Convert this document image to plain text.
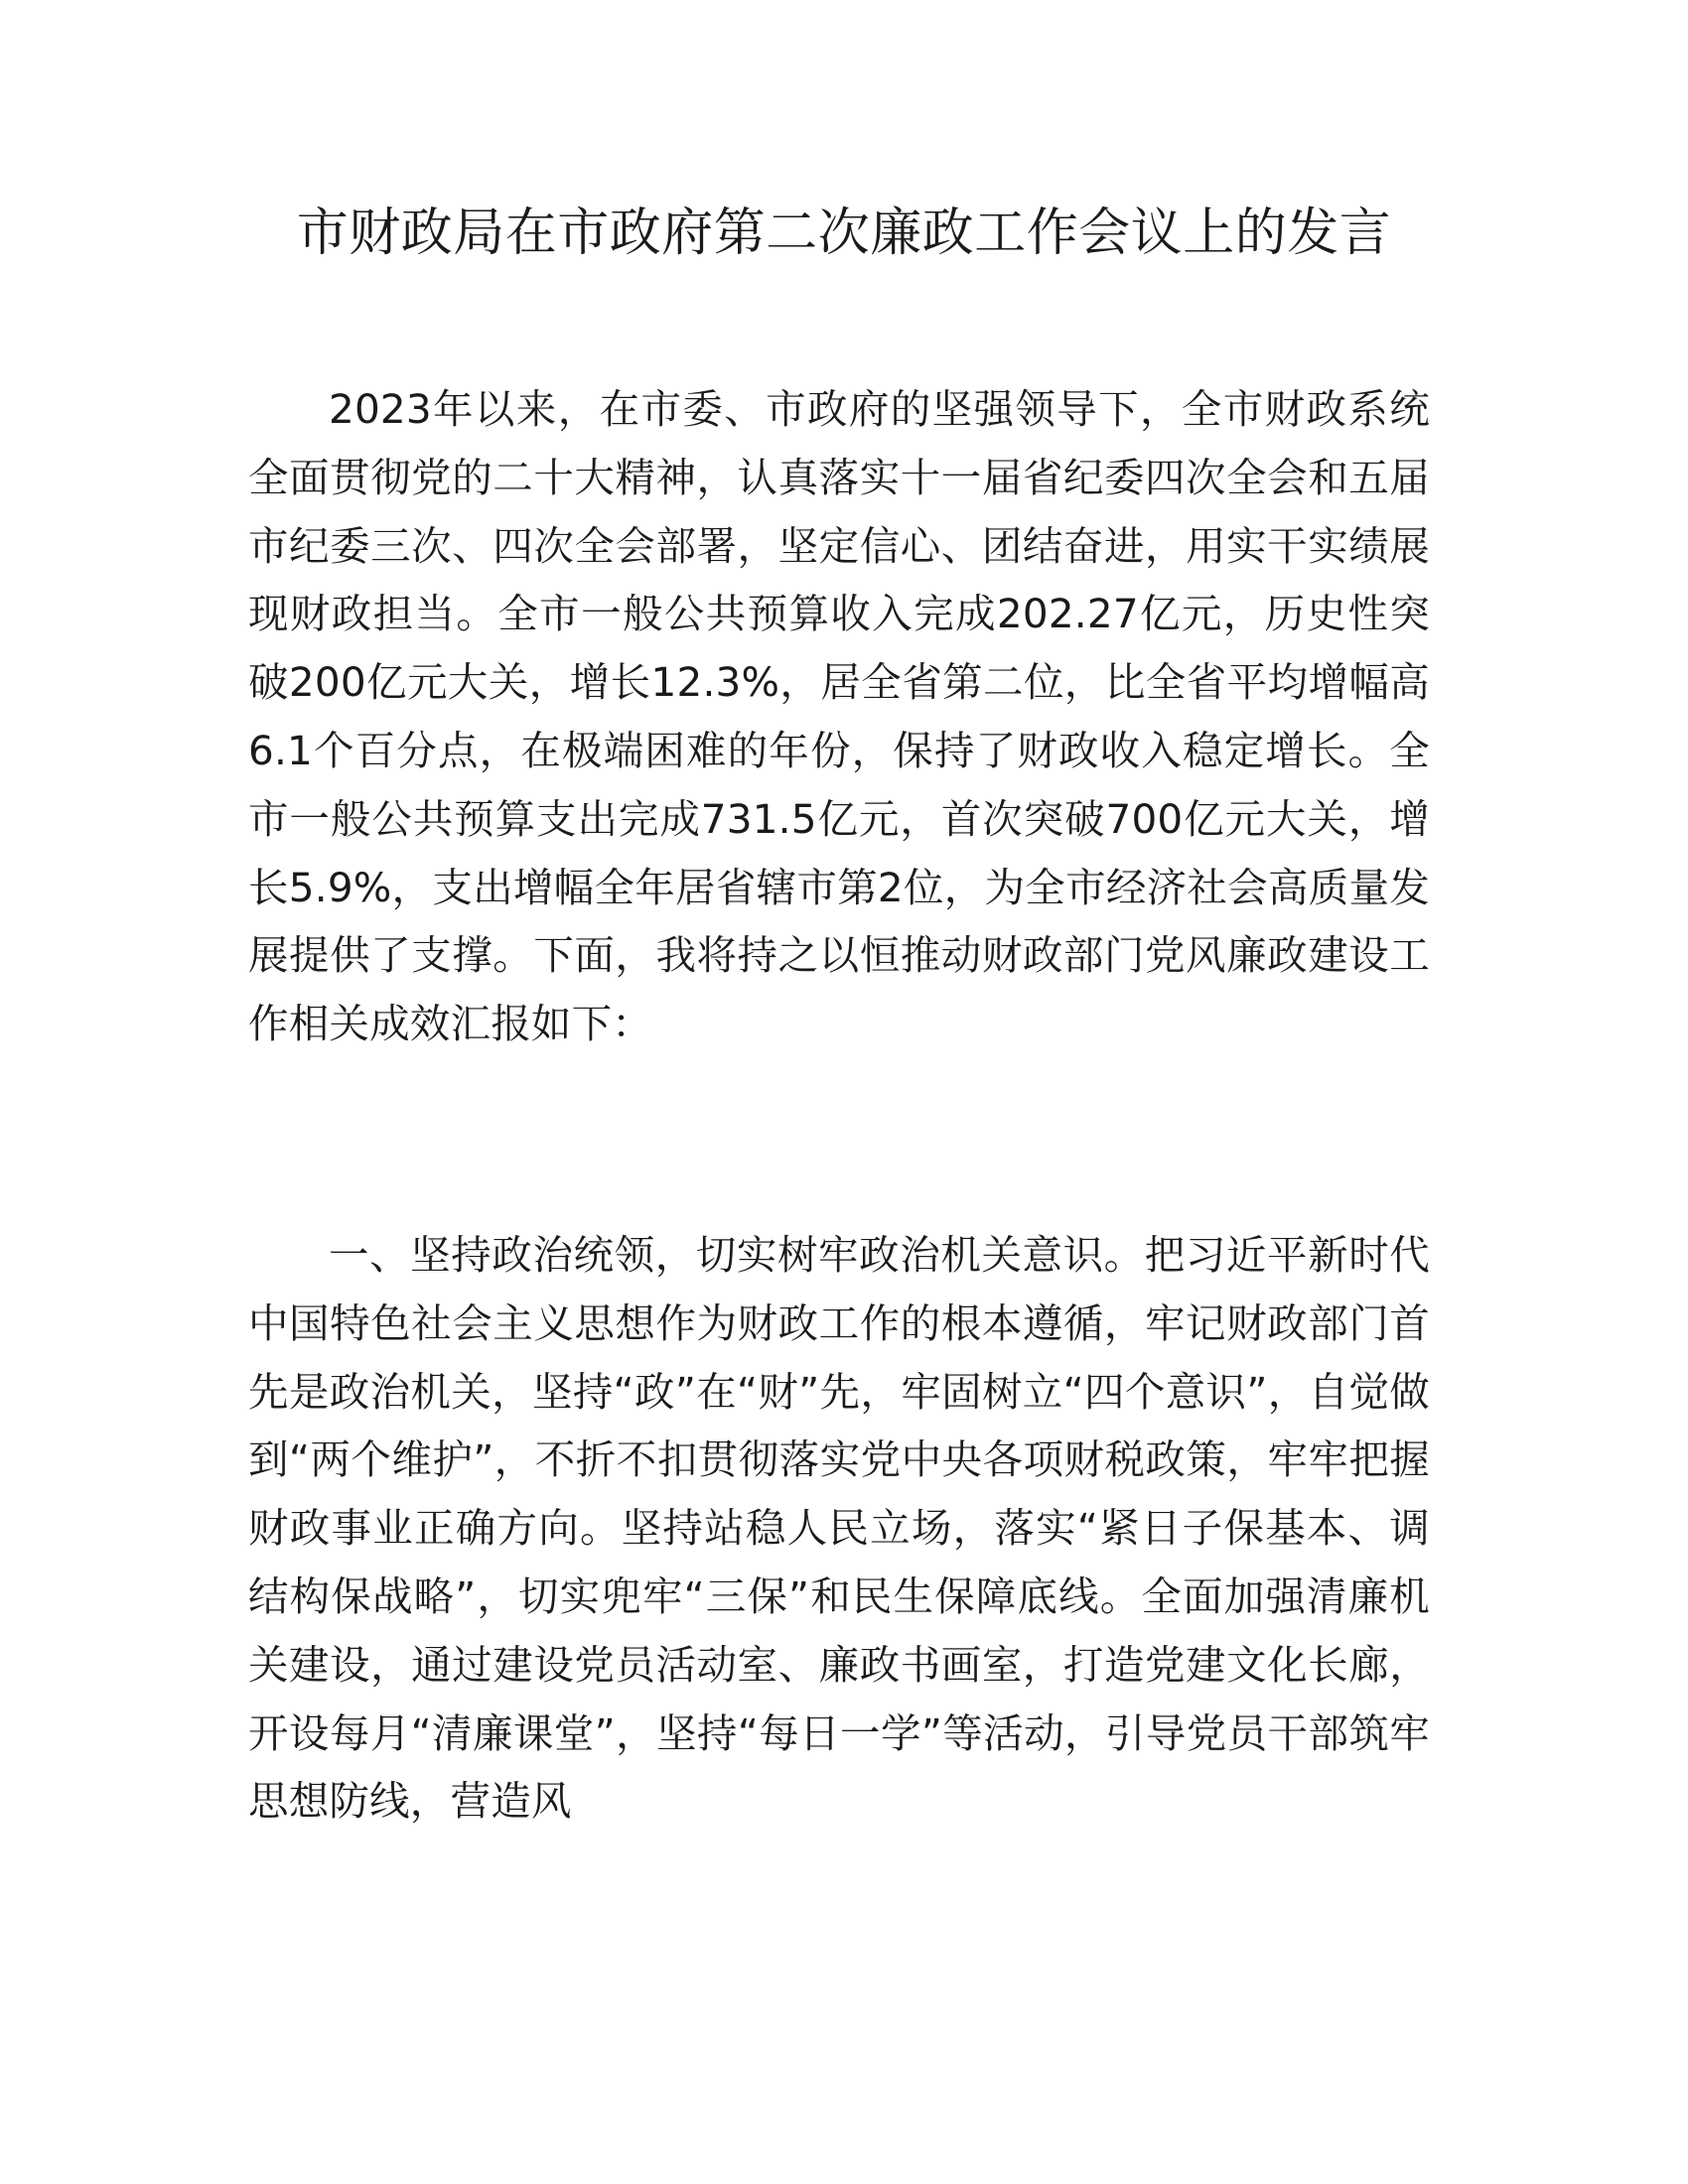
市财政局在市政府第二次廉政工作会议上的发言

2023年以来，在市委、市政府的坚强领导下，全市财政系统全面贯彻党的二十大精神，认真落实十一届省纪委四次全会和五届市纪委三次、四次全会部署，坚定信心、团结奋进，用实干实绩展现财政担当。全市一般公共预算收入完成202.27亿元，历史性突破200亿元大关，增长12.3%，居全省第二位，比全省平均增幅高6.1个百分点，在极端困难的年份，保持了财政收入稳定增长。全市一般公共预算支出完成731.5亿元，首次突破700亿元大关，增长5.9%，支出增幅全年居省辖市第2位，为全市经济社会高质量发展提供了支撑。下面，我将持之以恒推动财政部门党风廉政建设工作相关成效汇报如下：

一、坚持政治统领，切实树牢政治机关意识。把习近平新时代中国特色社会主义思想作为财政工作的根本遵循，牢记财政部门首先是政治机关，坚持“政”在“财”先，牢固树立“四个意识”，自觉做到“两个维护”，不折不扣贯彻落实党中央各项财税政策，牢牢把握财政事业正确方向。坚持站稳人民立场，落实“紧日子保基本、调结构保战略”，切实兜牢“三保”和民生保障底线。全面加强清廉机关建设，通过建设党员活动室、廉政书画室，打造党建文化长廊，开设每月“清廉课堂”，坚持“每日一学”等活动，引导党员干部筑牢思想防线，营造风
